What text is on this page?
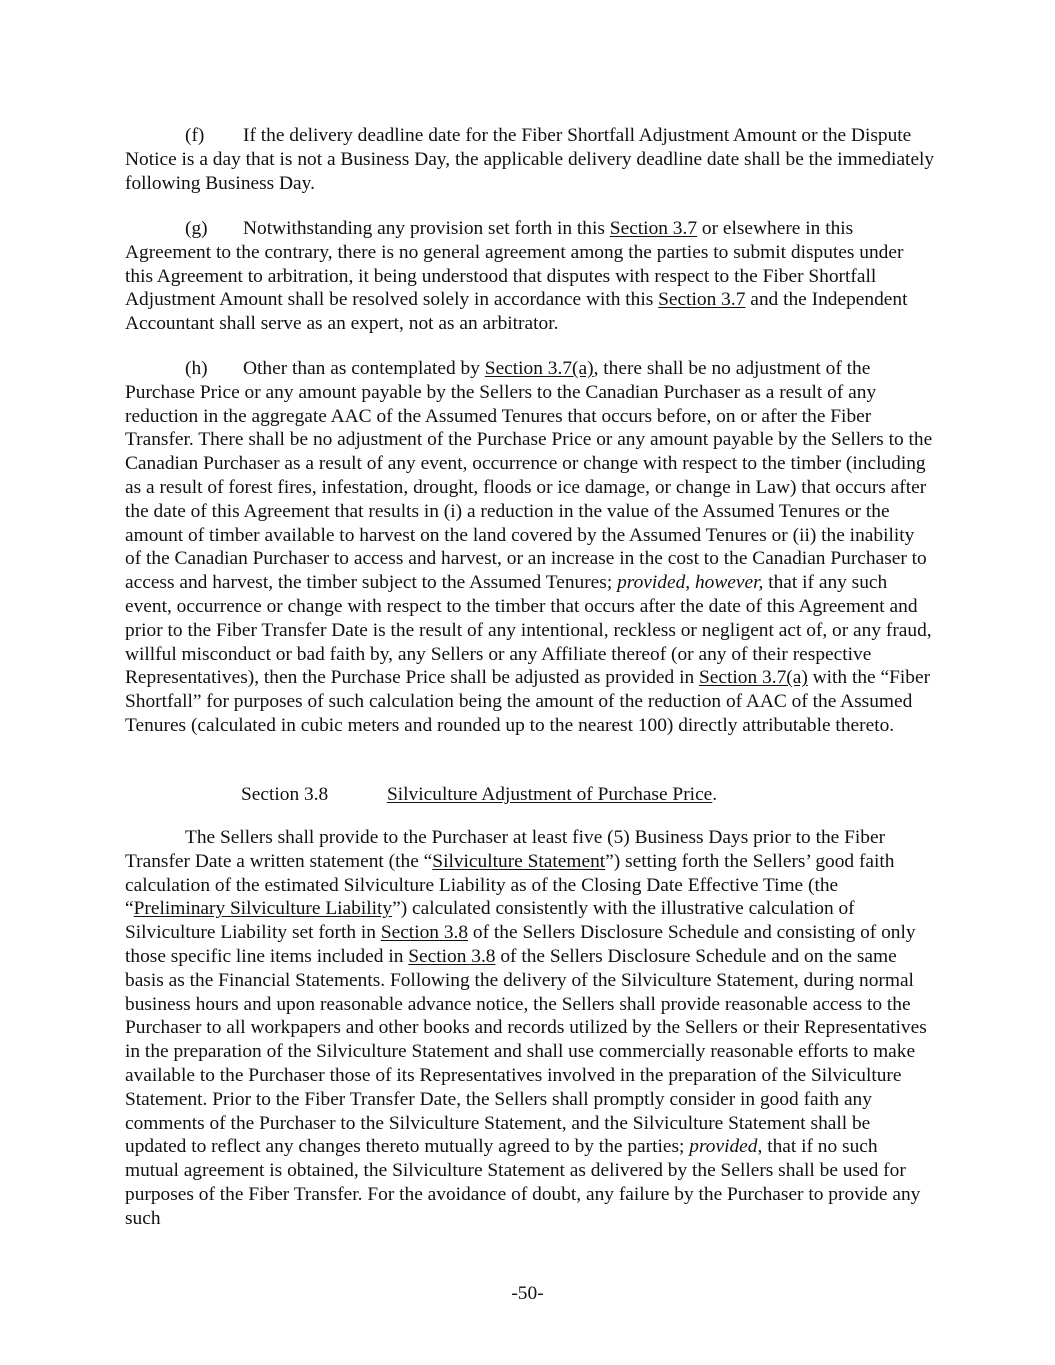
(f) If the delivery deadline date for the Fiber Shortfall Adjustment Amount or the Dispute Notice is a day that is not a Business Day, the applicable delivery deadline date shall be the immediately following Business Day.

(g) Notwithstanding any provision set forth in this Section 3.7 or elsewhere in this Agreement to the contrary, there is no general agreement among the parties to submit disputes under this Agreement to arbitration, it being understood that disputes with respect to the Fiber Shortfall Adjustment Amount shall be resolved solely in accordance with this Section 3.7 and the Independent Accountant shall serve as an expert, not as an arbitrator.

(h) Other than as contemplated by Section 3.7(a), there shall be no adjustment of the Purchase Price or any amount payable by the Sellers to the Canadian Purchaser as a result of any reduction in the aggregate AAC of the Assumed Tenures that occurs before, on or after the Fiber Transfer. There shall be no adjustment of the Purchase Price or any amount payable by the Sellers to the Canadian Purchaser as a result of any event, occurrence or change with respect to the timber (including as a result of forest fires, infestation, drought, floods or ice damage, or change in Law) that occurs after the date of this Agreement that results in (i) a reduction in the value of the Assumed Tenures or the amount of timber available to harvest on the land covered by the Assumed Tenures or (ii) the inability of the Canadian Purchaser to access and harvest, or an increase in the cost to the Canadian Purchaser to access and harvest, the timber subject to the Assumed Tenures; provided, however, that if any such event, occurrence or change with respect to the timber that occurs after the date of this Agreement and prior to the Fiber Transfer Date is the result of any intentional, reckless or negligent act of, or any fraud, willful misconduct or bad faith by, any Sellers or any Affiliate thereof (or any of their respective Representatives), then the Purchase Price shall be adjusted as provided in Section 3.7(a) with the “Fiber Shortfall” for purposes of such calculation being the amount of the reduction of AAC of the Assumed Tenures (calculated in cubic meters and rounded up to the nearest 100) directly attributable thereto.

Section 3.8	Silviculture Adjustment of Purchase Price.

The Sellers shall provide to the Purchaser at least five (5) Business Days prior to the Fiber Transfer Date a written statement (the “Silviculture Statement”) setting forth the Sellers’ good faith calculation of the estimated Silviculture Liability as of the Closing Date Effective Time (the “Preliminary Silviculture Liability”) calculated consistently with the illustrative calculation of Silviculture Liability set forth in Section 3.8 of the Sellers Disclosure Schedule and consisting of only those specific line items included in Section 3.8 of the Sellers Disclosure Schedule and on the same basis as the Financial Statements. Following the delivery of the Silviculture Statement, during normal business hours and upon reasonable advance notice, the Sellers shall provide reasonable access to the Purchaser to all workpapers and other books and records utilized by the Sellers or their Representatives in the preparation of the Silviculture Statement and shall use commercially reasonable efforts to make available to the Purchaser those of its Representatives involved in the preparation of the Silviculture Statement. Prior to the Fiber Transfer Date, the Sellers shall promptly consider in good faith any comments of the Purchaser to the Silviculture Statement, and the Silviculture Statement shall be updated to reflect any changes thereto mutually agreed to by the parties; provided, that if no such mutual agreement is obtained, the Silviculture Statement as delivered by the Sellers shall be used for purposes of the Fiber Transfer. For the avoidance of doubt, any failure by the Purchaser to provide any such

-50-
